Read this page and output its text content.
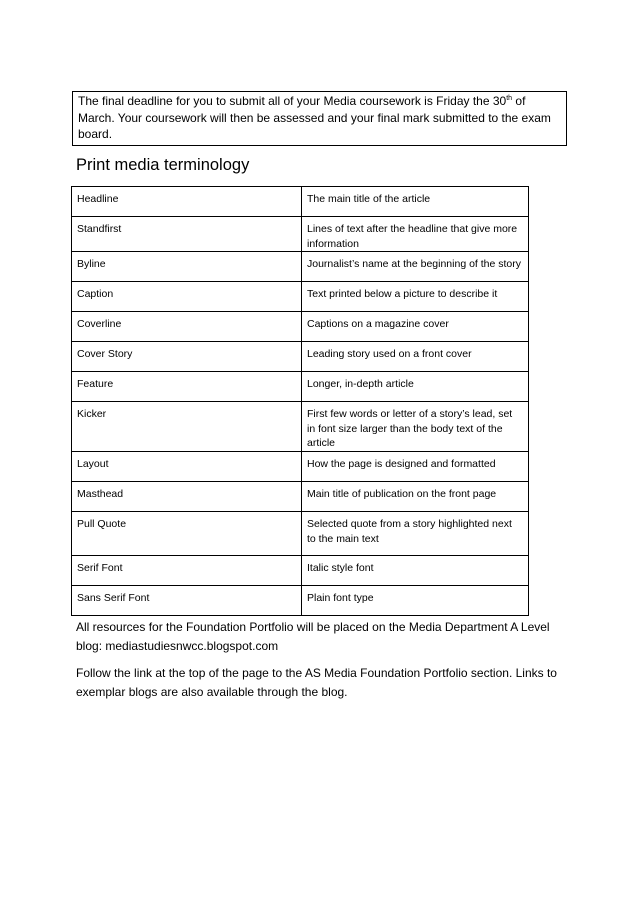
The final deadline for you to submit all of your Media coursework is Friday the 30th of March. Your coursework will then be assessed and your final mark submitted to the exam board.
Print media terminology
Headline	The main title of the article
Standfirst	Lines of text after the headline that give more information
Byline	Journalist’s name at the beginning of the story
Caption	Text printed below a picture to describe it
Coverline	Captions on a magazine cover
Cover Story	Leading story used on a front cover
Feature	Longer, in-depth article
Kicker	First few words or letter of a story’s lead, set in font size larger than the body text of the article
Layout	How the page is designed and formatted
Masthead	Main title of publication on the front page
Pull Quote	Selected quote from a story highlighted next to the main text
Serif Font	Italic style font
Sans Serif Font	Plain font type

All resources for the Foundation Portfolio will be placed on the Media Department A Level blog: mediastudiesnwcc.blogspot.com

Follow the link at the top of the page to the AS Media Foundation Portfolio section. Links to exemplar blogs are also available through the blog.
